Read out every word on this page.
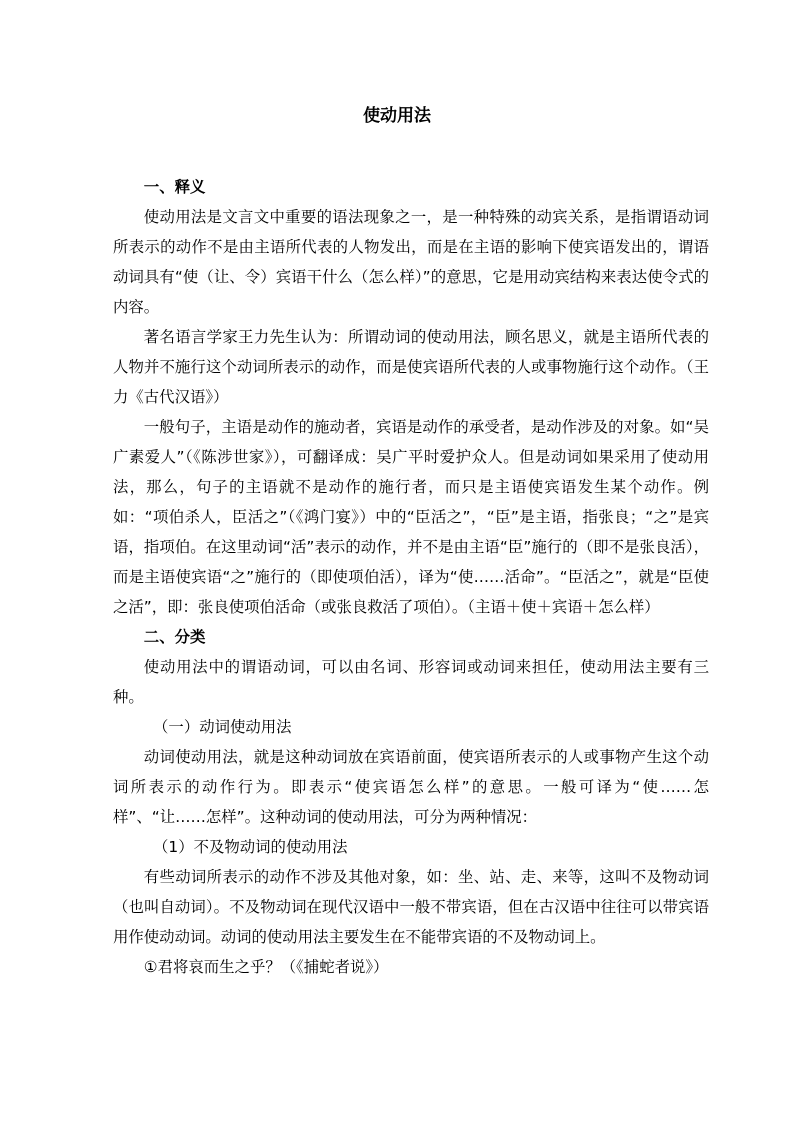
使动用法

一、释义

使动用法是文言文中重要的语法现象之一，是一种特殊的动宾关系，是指谓语动词所表示的动作不是由主语所代表的人物发出，而是在主语的影响下使宾语发出的，谓语动词具有“使（让、令）宾语干什么（怎么样）”的意思，它是用动宾结构来表达使令式的内容。

著名语言学家王力先生认为：所谓动词的使动用法，顾名思义，就是主语所代表的人物并不施行这个动词所表示的动作，而是使宾语所代表的人或事物施行这个动作。（王力《古代汉语》）

一般句子，主语是动作的施动者，宾语是动作的承受者，是动作涉及的对象。如“吴广素爱人”（《陈涉世家》），可翻译成：吴广平时爱护众人。但是动词如果采用了使动用法，那么，句子的主语就不是动作的施行者，而只是主语使宾语发生某个动作。例如：“项伯杀人，臣活之”（《鸿门宴》）中的“臣活之”，“臣”是主语，指张良；“之”是宾语，指项伯。在这里动词“活”表示的动作，并不是由主语“臣”施行的（即不是张良活），而是主语使宾语“之”施行的（即使项伯活），译为“使……活命”。“臣活之”，就是“臣使之活”，即：张良使项伯活命（或张良救活了项伯）。（主语＋使＋宾语＋怎么样）

二、分类

使动用法中的谓语动词，可以由名词、形容词或动词来担任，使动用法主要有三种。

（一）动词使动用法

动词使动用法，就是这种动词放在宾语前面，使宾语所表示的人或事物产生这个动词所表示的动作行为。即表示“使宾语怎么样”的意思。一般可译为“使……怎样”、“让……怎样”。这种动词的使动用法，可分为两种情况：

（1）不及物动词的使动用法

有些动词所表示的动作不涉及其他对象，如：坐、站、走、来等，这叫不及物动词（也叫自动词）。不及物动词在现代汉语中一般不带宾语，但在古汉语中往往可以带宾语用作使动动词。动词的使动用法主要发生在不能带宾语的不及物动词上。

①君将哀而生之乎？（《捕蛇者说》）
